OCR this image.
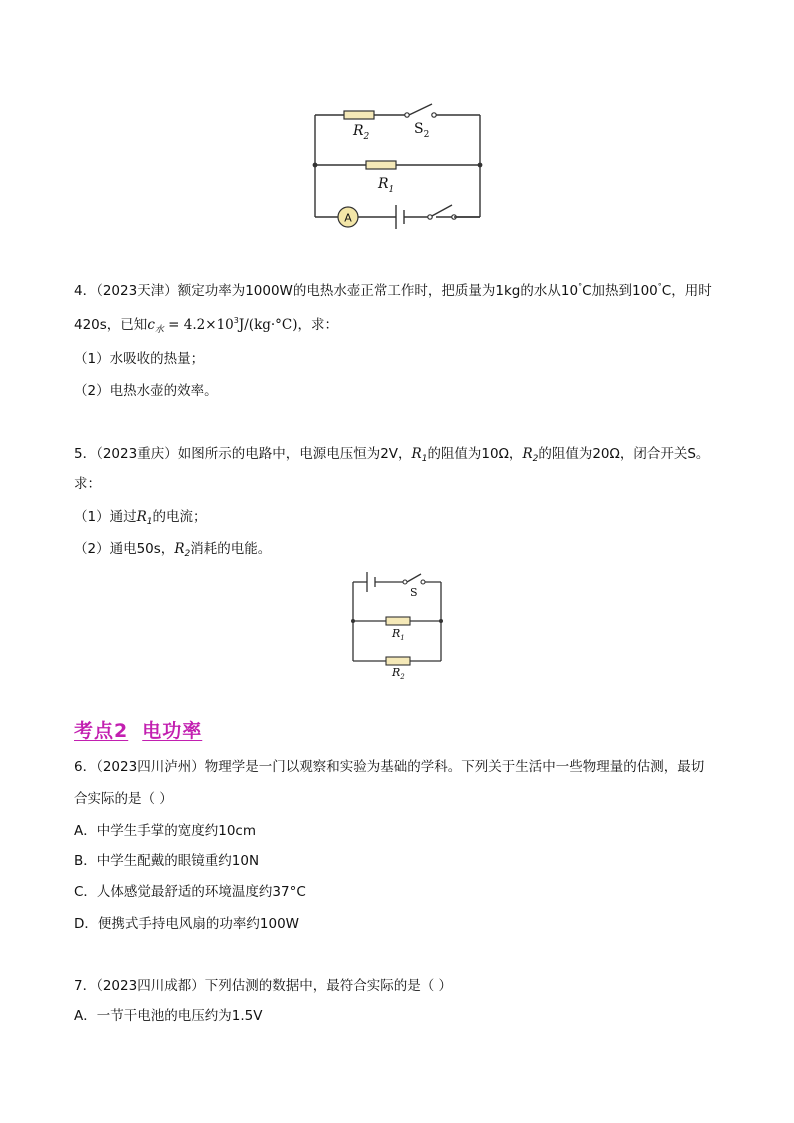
A
$R_2$	$S_2$
$R_1$
4．（2023天津）额定功率为1000W的电热水壶正常工作时，把质量为1kg的水从10°C加热到100°C，用时
420s，已知$c_水 = 4.2\times 10^3J/(kg\cdot^\circ C)$，求：
（1）水吸收的热量；
（2）电热水壶的效率。
5．（2023重庆）如图所示的电路中，电源电压恒为2V，$R_1$的阻值为10Ω，$R_2$的阻值为20Ω，闭合开关S。
求：
（1）通过$R_1$的电流；
（2）通电50s，$R_2$消耗的电能。
S
$R_1$
$R_2$
考点2 电功率
6．（2023四川泸州）物理学是一门以观察和实验为基础的学科。下列关于生活中一些物理量的估测，最切
合实际的是（ ）
A．中学生手掌的宽度约10cm
B．中学生配戴的眼镜重约10N
C．人体感觉最舒适的环境温度约37°C
D．便携式手持电风扇的功率约100W
7．（2023四川成都）下列估测的数据中，最符合实际的是（ ）
A．一节干电池的电压约为1.5V
